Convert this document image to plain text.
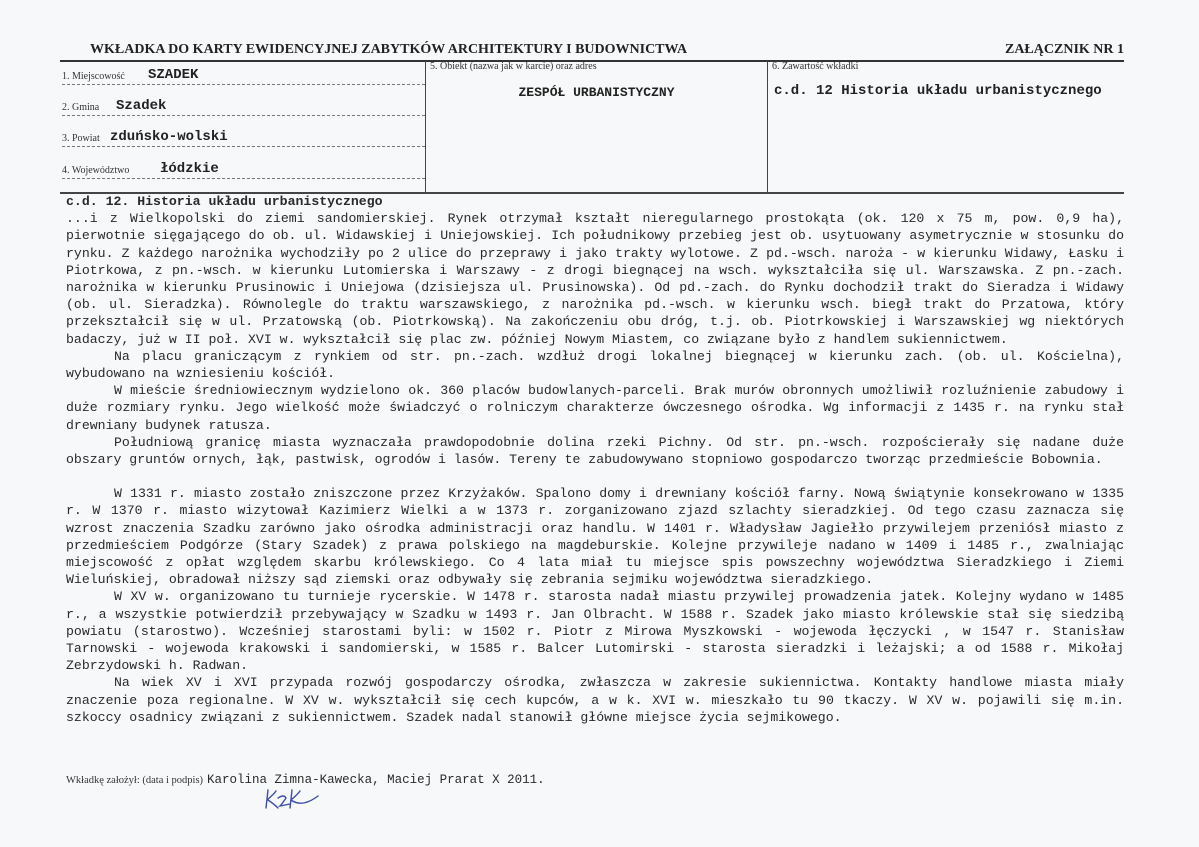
WKŁADKA DO KARTY EWIDENCYJNEJ ZABYTKÓW ARCHITEKTURY I BUDOWNICTWA	ZAŁĄCZNIK NR 1
1. Miejscowość SZADEK
2. Gmina Szadek
3. Powiat zduńsko-wolski
4. Województwo łódzkie
5. Obiekt (nazwa jak w karcie) oraz adres
ZESPÓŁ URBANISTYCZNY
6. Zawartość wkładki
c.d. 12 Historia układu urbanistycznego
c.d. 12. Historia układu urbanistycznego
...i z Wielkopolski do ziemi sandomierskiej. Rynek otrzymał kształt nieregularnego prostokąta (ok. 120 x 75 m, pow. 0,9 ha), pierwotnie sięgającego do ob. ul. Widawskiej i Uniejowskiej. Ich południkowy przebieg jest ob. usytuowany asymetrycznie w stosunku do rynku. Z każdego narożnika wychodziły po 2 ulice do przeprawy i jako trakty wylotowe. Z pd.-wsch. naroża - w kierunku Widawy, Łasku i Piotrkowa, z pn.-wsch. w kierunku Lutomierska i Warszawy - z drogi biegnącej na wsch. wykształciła się ul. Warszawska. Z pn.-zach. narożnika w kierunku Prusinowic i Uniejowa (dzisiejsza ul. Prusinowska). Od pd.-zach. do Rynku dochodził trakt do Sieradza i Widawy (ob. ul. Sieradzka). Równolegle do traktu warszawskiego, z narożnika pd.-wsch. w kierunku wsch. biegł trakt do Przatowa, który przekształcił się w ul. Przatowską (ob. Piotrkowską). Na zakończeniu obu dróg, t.j. ob. Piotrkowskiej i Warszawskiej wg niektórych badaczy, już w II poł. XVI w. wykształcił się plac zw. później Nowym Miastem, co związane było z handlem sukiennictwem.
Na placu graniczącym z rynkiem od str. pn.-zach. wzdłuż drogi lokalnej biegnącej w kierunku zach. (ob. ul. Kościelna), wybudowano na wzniesieniu kościół.
W mieście średniowiecznym wydzielono ok. 360 placów budowlanych-parceli. Brak murów obronnych umożliwił rozluźnienie zabudowy i duże rozmiary rynku. Jego wielkość może świadczyć o rolniczym charakterze ówczesnego ośrodka. Wg informacji z 1435 r. na rynku stał drewniany budynek ratusza.
Południową granicę miasta wyznaczała prawdopodobnie dolina rzeki Pichny. Od str. pn.-wsch. rozpościerały się nadane duże obszary gruntów ornych, łąk, pastwisk, ogrodów i lasów. Tereny te zabudowywano stopniowo gospodarczo tworząc przedmieście Bobownia.
W 1331 r. miasto zostało zniszczone przez Krzyżaków. Spalono domy i drewniany kościół farny. Nową świątynie konsekrowano w 1335 r. W 1370 r. miasto wizytował Kazimierz Wielki a w 1373 r. zorganizowano zjazd szlachty sieradzkiej. Od tego czasu zaznacza się wzrost znaczenia Szadku zarówno jako ośrodka administracji oraz handlu. W 1401 r. Władysław Jagiełło przywilejem przeniósł miasto z przedmieściem Podgórze (Stary Szadek) z prawa polskiego na magdeburskie. Kolejne przywileje nadano w 1409 i 1485 r., zwalniając miejscowość z opłat względem skarbu królewskiego. Co 4 lata miał tu miejsce spis powszechny województwa Sieradzkiego i Ziemi Wieluńskiej, obradował niższy sąd ziemski oraz odbywały się zebrania sejmiku województwa sieradzkiego.
W XV w. organizowano tu turnieje rycerskie. W 1478 r. starosta nadał miastu przywilej prowadzenia jatek. Kolejny wydano w 1485 r., a wszystkie potwierdził przebywający w Szadku w 1493 r. Jan Olbracht. W 1588 r. Szadek jako miasto królewskie stał się siedzibą powiatu (starostwo). Wcześniej starostami byli: w 1502 r. Piotr z Mirowa Myszkowski - wojewoda łęczycki , w 1547 r. Stanisław Tarnowski - wojewoda krakowski i sandomierski, w 1585 r. Balcer Lutomirski - starosta sieradzki i leżajski; a od 1588 r. Mikołaj Zebrzydowski h. Radwan.
Na wiek XV i XVI przypada rozwój gospodarczy ośrodka, zwłaszcza w zakresie sukiennictwa. Kontakty handlowe miasta miały znaczenie poza regionalne. W XV w. wykształcił się cech kupców, a w k. XVI w. mieszkało tu 90 tkaczy. W XV w. pojawili się m.in. szkoccy osadnicy związani z sukiennictwem. Szadek nadal stanowił główne miejsce życia sejmikowego.
Wkładkę założył: (data i podpis) Karolina Zimna-Kawecka, Maciej Prarat X 2011.
